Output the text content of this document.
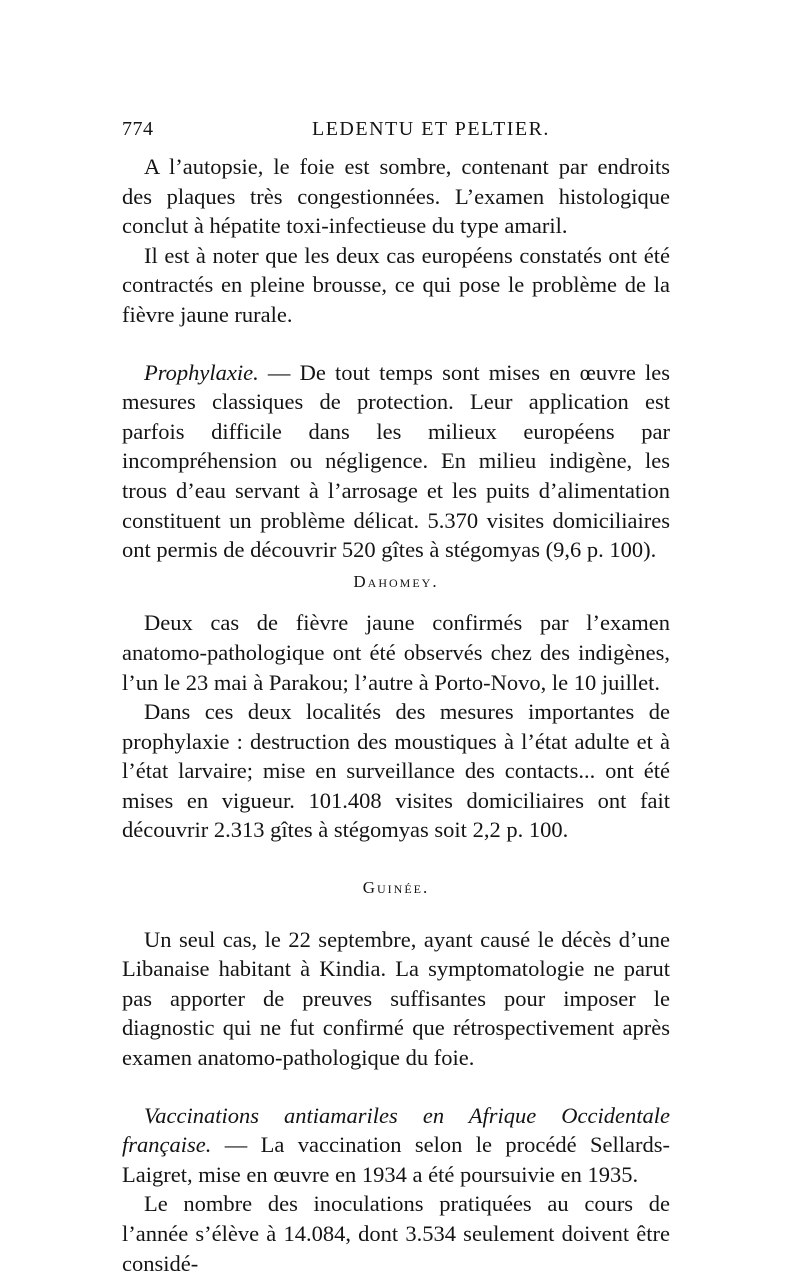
774	LEDENTU ET PELTIER.

A l’autopsie, le foie est sombre, contenant par endroits des plaques très congestionnées. L’examen histologique conclut à hépatite toxi-infectieuse du type amaril.

Il est à noter que les deux cas européens constatés ont été contractés en pleine brousse, ce qui pose le problème de la fièvre jaune rurale.

Prophylaxie. — De tout temps sont mises en œuvre les mesures classiques de protection. Leur application est parfois difficile dans les milieux européens par incompréhension ou négligence. En milieu indigène, les trous d’eau servant à l’arrosage et les puits d’alimentation constituent un problème délicat. 5.370 visites domiciliaires ont permis de découvrir 520 gîtes à stégomyas (9,6 p. 100).

Dahomey.

Deux cas de fièvre jaune confirmés par l’examen anatomo-pathologique ont été observés chez des indigènes, l’un le 23 mai à Parakou; l’autre à Porto-Novo, le 10 juillet.

Dans ces deux localités des mesures importantes de prophylaxie : destruction des moustiques à l’état adulte et à l’état larvaire; mise en surveillance des contacts... ont été mises en vigueur. 101.408 visites domiciliaires ont fait découvrir 2.313 gîtes à stégomyas soit 2,2 p. 100.

Guinée.

Un seul cas, le 22 septembre, ayant causé le décès d’une Libanaise habitant à Kindia. La symptomatologie ne parut pas apporter de preuves suffisantes pour imposer le diagnostic qui ne fut confirmé que rétrospectivement après examen anatomo-pathologique du foie.

Vaccinations antiamariles en Afrique Occidentale française. — La vaccination selon le procédé Sellards-Laigret, mise en œuvre en 1934 a été poursuivie en 1935.

Le nombre des inoculations pratiquées au cours de l’année s’élève à 14.084, dont 3.534 seulement doivent être considé-
